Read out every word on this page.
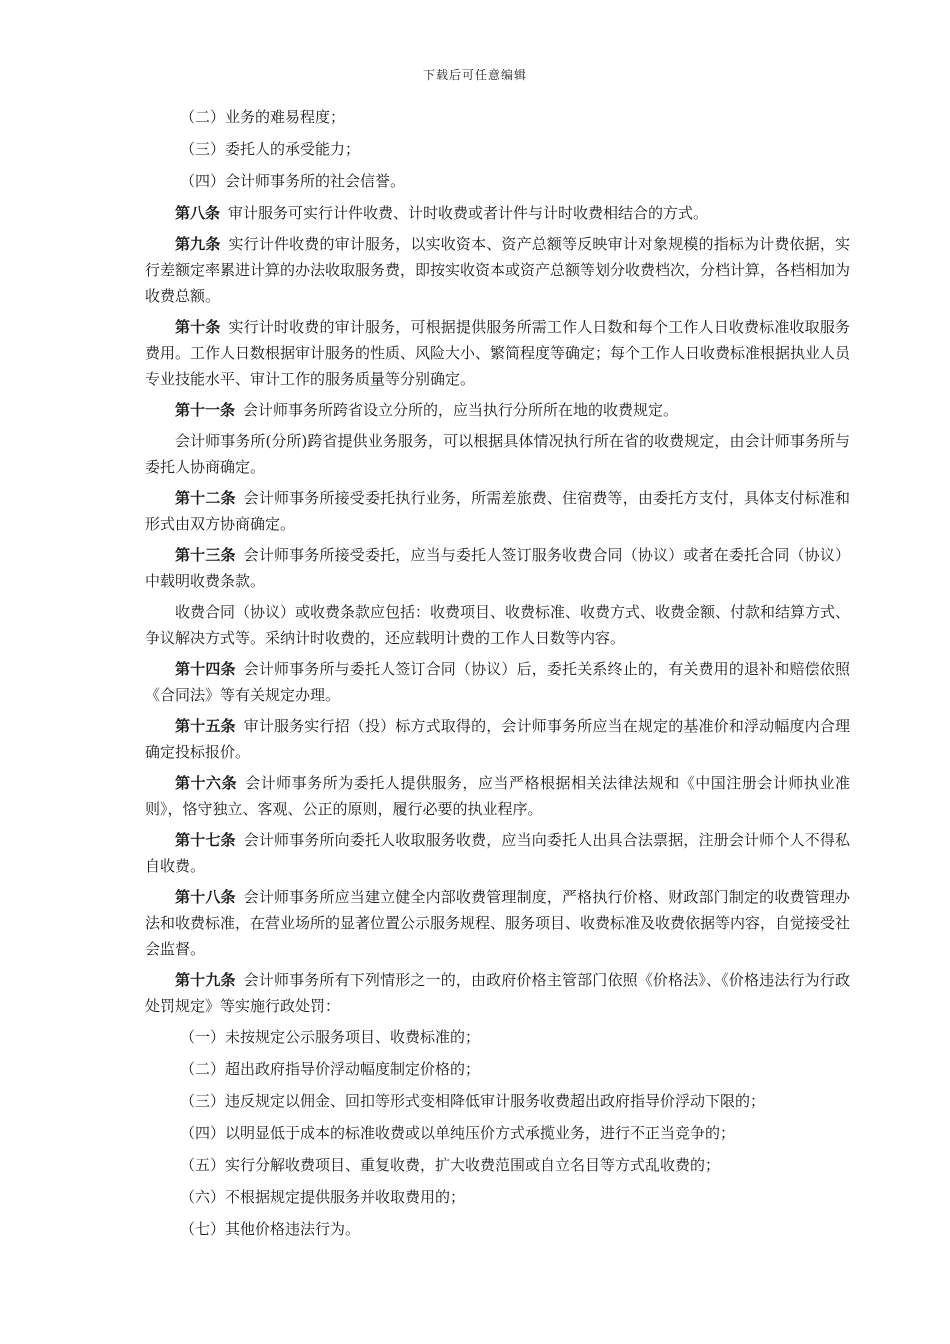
下载后可任意编辑

（二）业务的难易程度；

（三）委托人的承受能力；

（四）会计师事务所的社会信誉。

第八条 审计服务可实行计件收费、计时收费或者计件与计时收费相结合的方式。

第九条 实行计件收费的审计服务，以实收资本、资产总额等反映审计对象规模的指标为计费依据，实行差额定率累进计算的办法收取服务费，即按实收资本或资产总额等划分收费档次，分档计算，各档相加为收费总额。

第十条 实行计时收费的审计服务，可根据提供服务所需工作人日数和每个工作人日收费标准收取服务费用。工作人日数根据审计服务的性质、风险大小、繁简程度等确定；每个工作人日收费标准根据执业人员专业技能水平、审计工作的服务质量等分别确定。

第十一条 会计师事务所跨省设立分所的，应当执行分所所在地的收费规定。

会计师事务所(分所)跨省提供业务服务，可以根据具体情况执行所在省的收费规定，由会计师事务所与委托人协商确定。

第十二条 会计师事务所接受委托执行业务，所需差旅费、住宿费等，由委托方支付，具体支付标准和形式由双方协商确定。

第十三条 会计师事务所接受委托，应当与委托人签订服务收费合同（协议）或者在委托合同（协议）中载明收费条款。

收费合同（协议）或收费条款应包括：收费项目、收费标准、收费方式、收费金额、付款和结算方式、争议解决方式等。采纳计时收费的，还应载明计费的工作人日数等内容。

第十四条 会计师事务所与委托人签订合同（协议）后，委托关系终止的，有关费用的退补和赔偿依照《合同法》等有关规定办理。

第十五条 审计服务实行招（投）标方式取得的，会计师事务所应当在规定的基准价和浮动幅度内合理确定投标报价。

第十六条 会计师事务所为委托人提供服务，应当严格根据相关法律法规和《中国注册会计师执业准则》，恪守独立、客观、公正的原则，履行必要的执业程序。

第十七条 会计师事务所向委托人收取服务收费，应当向委托人出具合法票据，注册会计师个人不得私自收费。

第十八条 会计师事务所应当建立健全内部收费管理制度，严格执行价格、财政部门制定的收费管理办法和收费标准，在营业场所的显著位置公示服务规程、服务项目、收费标准及收费依据等内容，自觉接受社会监督。

第十九条 会计师事务所有下列情形之一的，由政府价格主管部门依照《价格法》、《价格违法行为行政处罚规定》等实施行政处罚：

（一）未按规定公示服务项目、收费标准的；

（二）超出政府指导价浮动幅度制定价格的；

（三）违反规定以佣金、回扣等形式变相降低审计服务收费超出政府指导价浮动下限的；

（四）以明显低于成本的标准收费或以单纯压价方式承揽业务，进行不正当竞争的；

（五）实行分解收费项目、重复收费，扩大收费范围或自立名目等方式乱收费的；

（六）不根据规定提供服务并收取费用的；

（七）其他价格违法行为。
